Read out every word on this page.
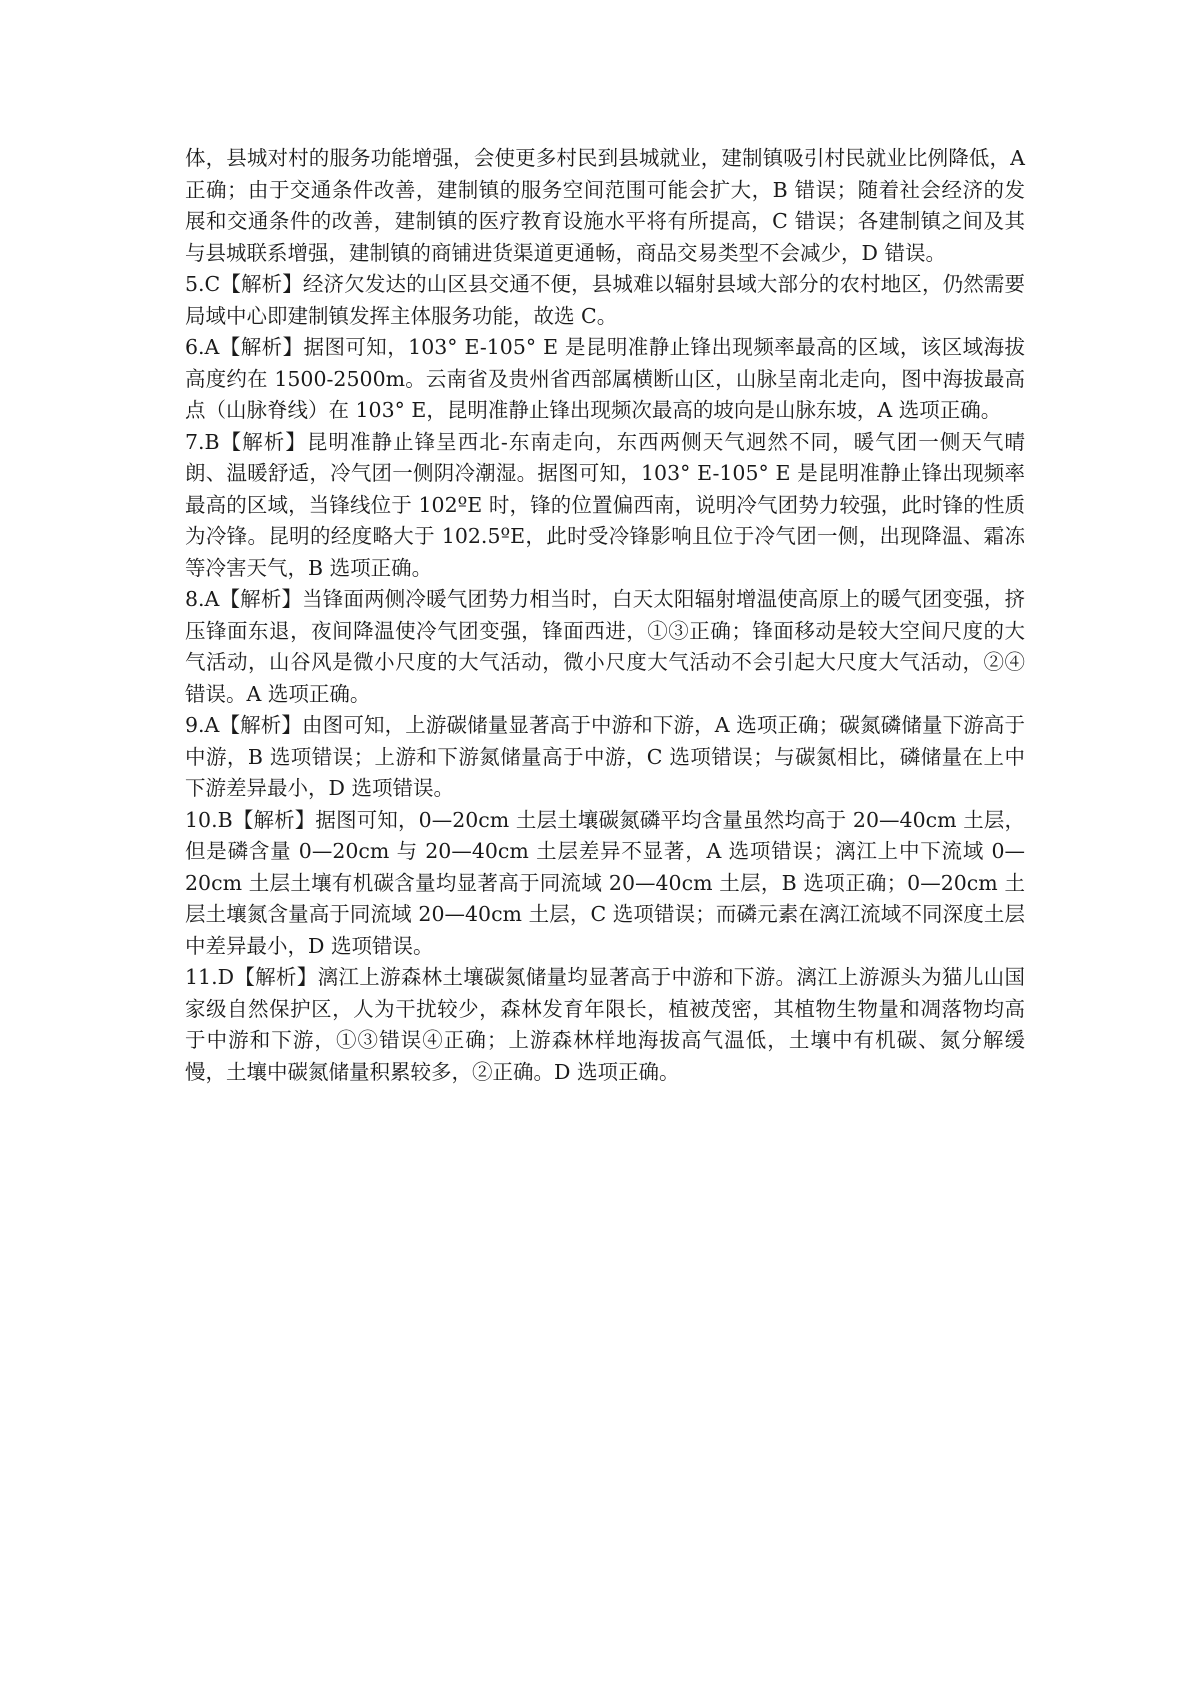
体，县城对村的服务功能增强，会使更多村民到县城就业，建制镇吸引村民就业比例降低，A 正确；由于交通条件改善，建制镇的服务空间范围可能会扩大，B 错误；随着社会经济的发展和交通条件的改善，建制镇的医疗教育设施水平将有所提高，C 错误；各建制镇之间及其与县城联系增强，建制镇的商铺进货渠道更通畅，商品交易类型不会减少，D 错误。

5.C【解析】经济欠发达的山区县交通不便，县城难以辐射县域大部分的农村地区，仍然需要局域中心即建制镇发挥主体服务功能，故选 C。

6.A【解析】据图可知，103° E-105° E 是昆明准静止锋出现频率最高的区域，该区域海拔高度约在 1500-2500m。云南省及贵州省西部属横断山区，山脉呈南北走向，图中海拔最高点（山脉脊线）在 103° E，昆明准静止锋出现频次最高的坡向是山脉东坡，A 选项正确。

7.B【解析】昆明准静止锋呈西北-东南走向，东西两侧天气迥然不同，暖气团一侧天气晴朗、温暖舒适，冷气团一侧阴冷潮湿。据图可知，103° E-105° E 是昆明准静止锋出现频率最高的区域，当锋线位于 102ºE 时，锋的位置偏西南，说明冷气团势力较强，此时锋的性质为冷锋。昆明的经度略大于 102.5ºE，此时受冷锋影响且位于冷气团一侧，出现降温、霜冻等冷害天气，B 选项正确。

8.A【解析】当锋面两侧冷暖气团势力相当时，白天太阳辐射增温使高原上的暖气团变强，挤压锋面东退，夜间降温使冷气团变强，锋面西进，①③正确；锋面移动是较大空间尺度的大气活动，山谷风是微小尺度的大气活动，微小尺度大气活动不会引起大尺度大气活动，②④错误。A 选项正确。

9.A【解析】由图可知，上游碳储量显著高于中游和下游，A 选项正确；碳氮磷储量下游高于中游，B 选项错误；上游和下游氮储量高于中游，C 选项错误；与碳氮相比，磷储量在上中下游差异最小，D 选项错误。

10.B【解析】据图可知，0—20cm 土层土壤碳氮磷平均含量虽然均高于 20—40cm 土层，但是磷含量 0—20cm 与 20—40cm 土层差异不显著，A 选项错误；漓江上中下流域 0—20cm 土层土壤有机碳含量均显著高于同流域 20—40cm 土层，B 选项正确；0—20cm 土层土壤氮含量高于同流域 20—40cm 土层，C 选项错误；而磷元素在漓江流域不同深度土层中差异最小，D 选项错误。

11.D【解析】漓江上游森林土壤碳氮储量均显著高于中游和下游。漓江上游源头为猫儿山国家级自然保护区，人为干扰较少，森林发育年限长，植被茂密，其植物生物量和凋落物均高于中游和下游，①③错误④正确；上游森林样地海拔高气温低，土壤中有机碳、氮分解缓慢，土壤中碳氮储量积累较多，②正确。D 选项正确。
